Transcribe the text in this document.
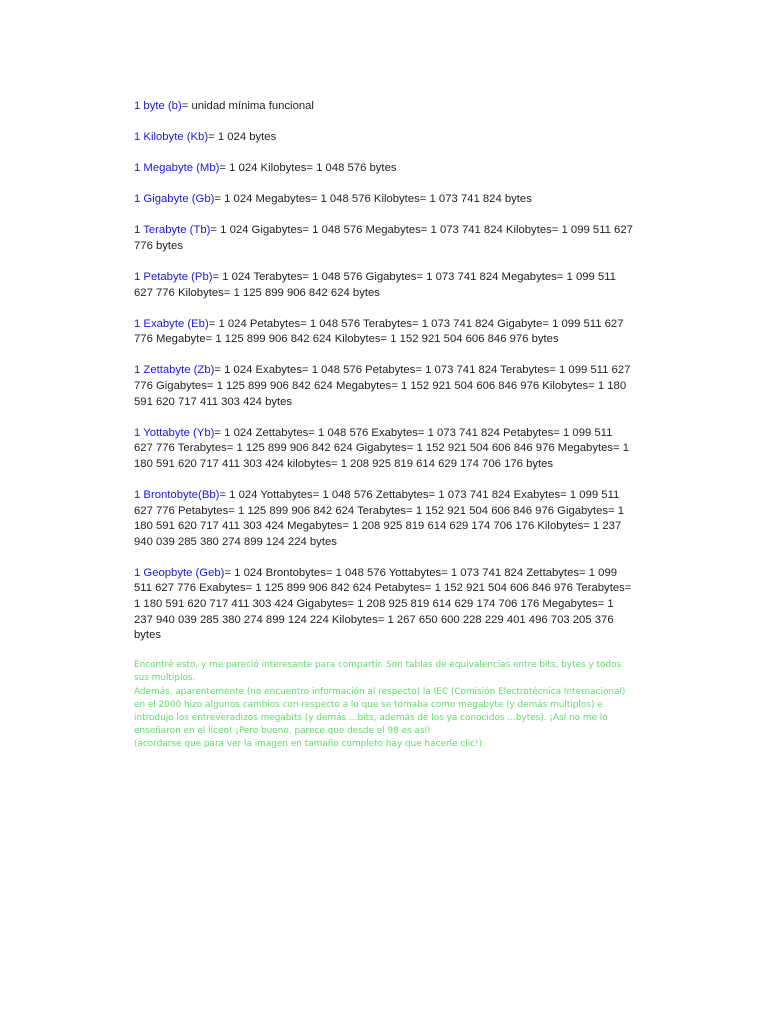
1 byte (b)= unidad mínima funcional

1 Kilobyte (Kb)= 1 024 bytes

1 Megabyte (Mb)= 1 024 Kilobytes= 1 048 576 bytes

1 Gigabyte (Gb)= 1 024 Megabytes= 1 048 576 Kilobytes= 1 073 741 824 bytes

1 Terabyte (Tb)= 1 024 Gigabytes= 1 048 576 Megabytes= 1 073 741 824 Kilobytes= 1 099 511 627 776 bytes

1 Petabyte (Pb)= 1 024 Terabytes= 1 048 576 Gigabytes= 1 073 741 824 Megabytes= 1 099 511 627 776 Kilobytes= 1 125 899 906 842 624 bytes

1 Exabyte (Eb)= 1 024 Petabytes= 1 048 576 Terabytes= 1 073 741 824 Gigabyte= 1 099 511 627 776 Megabyte= 1 125 899 906 842 624 Kilobytes= 1 152 921 504 606 846 976 bytes

1 Zettabyte (Zb)= 1 024 Exabytes= 1 048 576 Petabytes= 1 073 741 824 Terabytes= 1 099 511 627 776 Gigabytes= 1 125 899 906 842 624 Megabytes= 1 152 921 504 606 846 976 Kilobytes= 1 180 591 620 717 411 303 424 bytes

1 Yottabyte (Yb)= 1 024 Zettabytes= 1 048 576 Exabytes= 1 073 741 824 Petabytes= 1 099 511 627 776 Terabytes= 1 125 899 906 842 624 Gigabytes= 1 152 921 504 606 846 976 Megabytes= 1 180 591 620 717 411 303 424 kilobytes= 1 208 925 819 614 629 174 706 176 bytes

1 Brontobyte(Bb)= 1 024 Yottabytes= 1 048 576 Zettabytes= 1 073 741 824 Exabytes= 1 099 511 627 776 Petabytes= 1 125 899 906 842 624 Terabytes= 1 152 921 504 606 846 976 Gigabytes= 1 180 591 620 717 411 303 424 Megabytes= 1 208 925 819 614 629 174 706 176 Kilobytes= 1 237 940 039 285 380 274 899 124 224 bytes

1 Geopbyte (Geb)= 1 024 Brontobytes= 1 048 576 Yottabytes= 1 073 741 824 Zettabytes= 1 099 511 627 776 Exabytes= 1 125 899 906 842 624 Petabytes= 1 152 921 504 606 846 976 Terabytes= 1 180 591 620 717 411 303 424 Gigabytes= 1 208 925 819 614 629 174 706 176 Megabytes= 1 237 940 039 285 380 274 899 124 224 Kilobytes= 1 267 650 600 228 229 401 496 703 205 376 bytes

Encontré esto, y me pareció interesante para compartir. Son tablas de equivalencias entre bits, bytes y todos sus múltiplos.

Además, aparentemente (no encuentro información al respecto) la IEC (Comisión Electrotécnica Internacional) en el 2000 hizo algunos cambios con respecto a lo que se tomaba como megabyte (y demás múltiplos) e introdujo los entreveradizos megabits (y demás ...bits, además de los ya conocidos ...bytes). ¡Así no me lo enseñaron en el liceo! ¡Pero bueno, parece que desde el 98 es así!

(acordarse que para ver la imagen en tamaño completo hay que hacerle clic!)
